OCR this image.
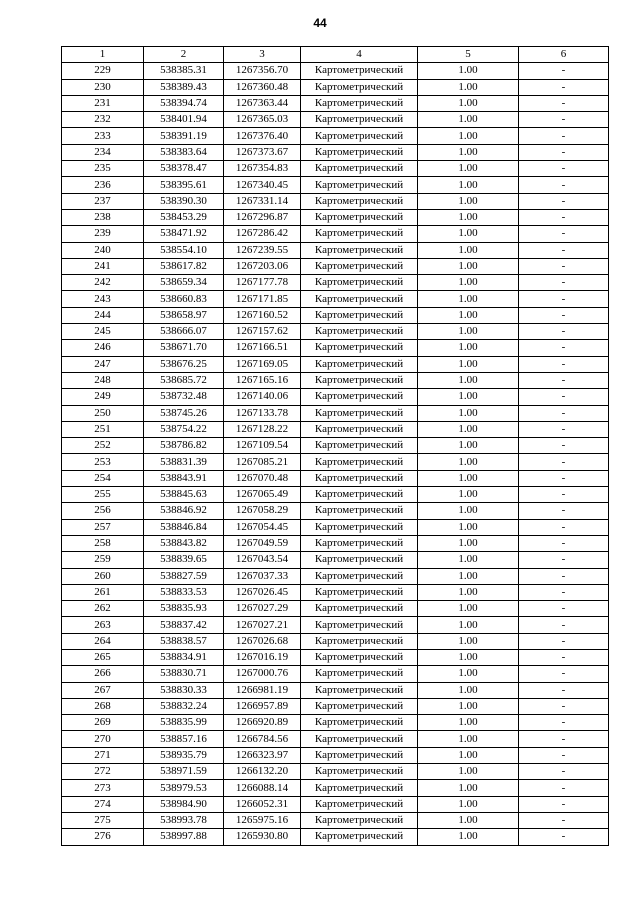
44
1	2	3	4	5	6
229	538385.31	1267356.70	Картометрический	1.00	-
230	538389.43	1267360.48	Картометрический	1.00	-
231	538394.74	1267363.44	Картометрический	1.00	-
232	538401.94	1267365.03	Картометрический	1.00	-
233	538391.19	1267376.40	Картометрический	1.00	-
234	538383.64	1267373.67	Картометрический	1.00	-
235	538378.47	1267354.83	Картометрический	1.00	-
236	538395.61	1267340.45	Картометрический	1.00	-
237	538390.30	1267331.14	Картометрический	1.00	-
238	538453.29	1267296.87	Картометрический	1.00	-
239	538471.92	1267286.42	Картометрический	1.00	-
240	538554.10	1267239.55	Картометрический	1.00	-
241	538617.82	1267203.06	Картометрический	1.00	-
242	538659.34	1267177.78	Картометрический	1.00	-
243	538660.83	1267171.85	Картометрический	1.00	-
244	538658.97	1267160.52	Картометрический	1.00	-
245	538666.07	1267157.62	Картометрический	1.00	-
246	538671.70	1267166.51	Картометрический	1.00	-
247	538676.25	1267169.05	Картометрический	1.00	-
248	538685.72	1267165.16	Картометрический	1.00	-
249	538732.48	1267140.06	Картометрический	1.00	-
250	538745.26	1267133.78	Картометрический	1.00	-
251	538754.22	1267128.22	Картометрический	1.00	-
252	538786.82	1267109.54	Картометрический	1.00	-
253	538831.39	1267085.21	Картометрический	1.00	-
254	538843.91	1267070.48	Картометрический	1.00	-
255	538845.63	1267065.49	Картометрический	1.00	-
256	538846.92	1267058.29	Картометрический	1.00	-
257	538846.84	1267054.45	Картометрический	1.00	-
258	538843.82	1267049.59	Картометрический	1.00	-
259	538839.65	1267043.54	Картометрический	1.00	-
260	538827.59	1267037.33	Картометрический	1.00	-
261	538833.53	1267026.45	Картометрический	1.00	-
262	538835.93	1267027.29	Картометрический	1.00	-
263	538837.42	1267027.21	Картометрический	1.00	-
264	538838.57	1267026.68	Картометрический	1.00	-
265	538834.91	1267016.19	Картометрический	1.00	-
266	538830.71	1267000.76	Картометрический	1.00	-
267	538830.33	1266981.19	Картометрический	1.00	-
268	538832.24	1266957.89	Картометрический	1.00	-
269	538835.99	1266920.89	Картометрический	1.00	-
270	538857.16	1266784.56	Картометрический	1.00	-
271	538935.79	1266323.97	Картометрический	1.00	-
272	538971.59	1266132.20	Картометрический	1.00	-
273	538979.53	1266088.14	Картометрический	1.00	-
274	538984.90	1266052.31	Картометрический	1.00	-
275	538993.78	1265975.16	Картометрический	1.00	-
276	538997.88	1265930.80	Картометрический	1.00	-
